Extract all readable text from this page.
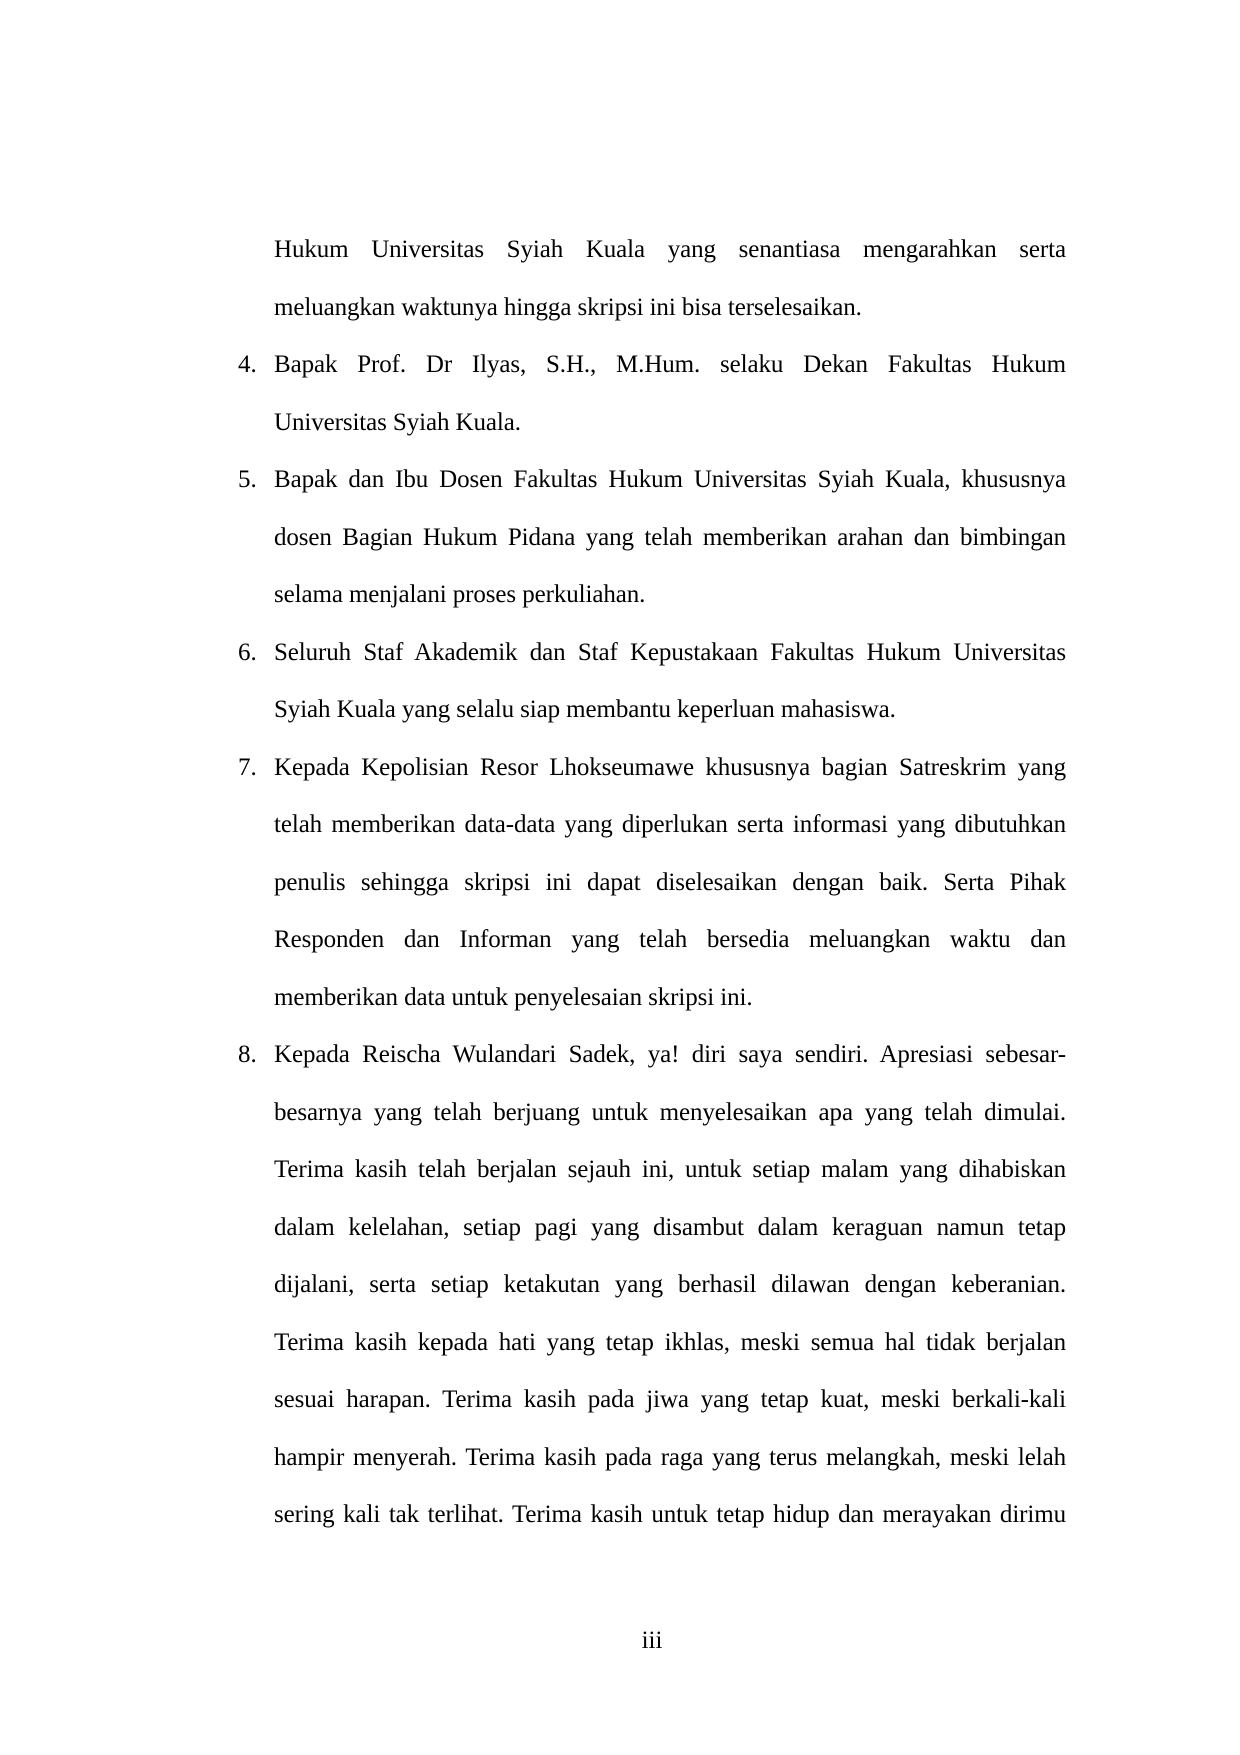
Hukum Universitas Syiah Kuala yang senantiasa mengarahkan serta
meluangkan waktunya hingga skripsi ini bisa terselesaikan.
4. Bapak Prof. Dr Ilyas, S.H., M.Hum. selaku Dekan Fakultas Hukum
Universitas Syiah Kuala.
5. Bapak dan Ibu Dosen Fakultas Hukum Universitas Syiah Kuala, khususnya
dosen Bagian Hukum Pidana yang telah memberikan arahan dan bimbingan
selama menjalani proses perkuliahan.
6. Seluruh Staf Akademik dan Staf Kepustakaan Fakultas Hukum Universitas
Syiah Kuala yang selalu siap membantu keperluan mahasiswa.
7. Kepada Kepolisian Resor Lhokseumawe khususnya bagian Satreskrim yang
telah memberikan data-data yang diperlukan serta informasi yang dibutuhkan
penulis sehingga skripsi ini dapat diselesaikan dengan baik. Serta Pihak
Responden dan Informan yang telah bersedia meluangkan waktu dan
memberikan data untuk penyelesaian skripsi ini.
8. Kepada Reischa Wulandari Sadek, ya! diri saya sendiri. Apresiasi sebesar-
besarnya yang telah berjuang untuk menyelesaikan apa yang telah dimulai.
Terima kasih telah berjalan sejauh ini, untuk setiap malam yang dihabiskan
dalam kelelahan, setiap pagi yang disambut dalam keraguan namun tetap
dijalani, serta setiap ketakutan yang berhasil dilawan dengan keberanian.
Terima kasih kepada hati yang tetap ikhlas, meski semua hal tidak berjalan
sesuai harapan. Terima kasih pada jiwa yang tetap kuat, meski berkali-kali
hampir menyerah. Terima kasih pada raga yang terus melangkah, meski lelah
sering kali tak terlihat. Terima kasih untuk tetap hidup dan merayakan dirimu
iii
